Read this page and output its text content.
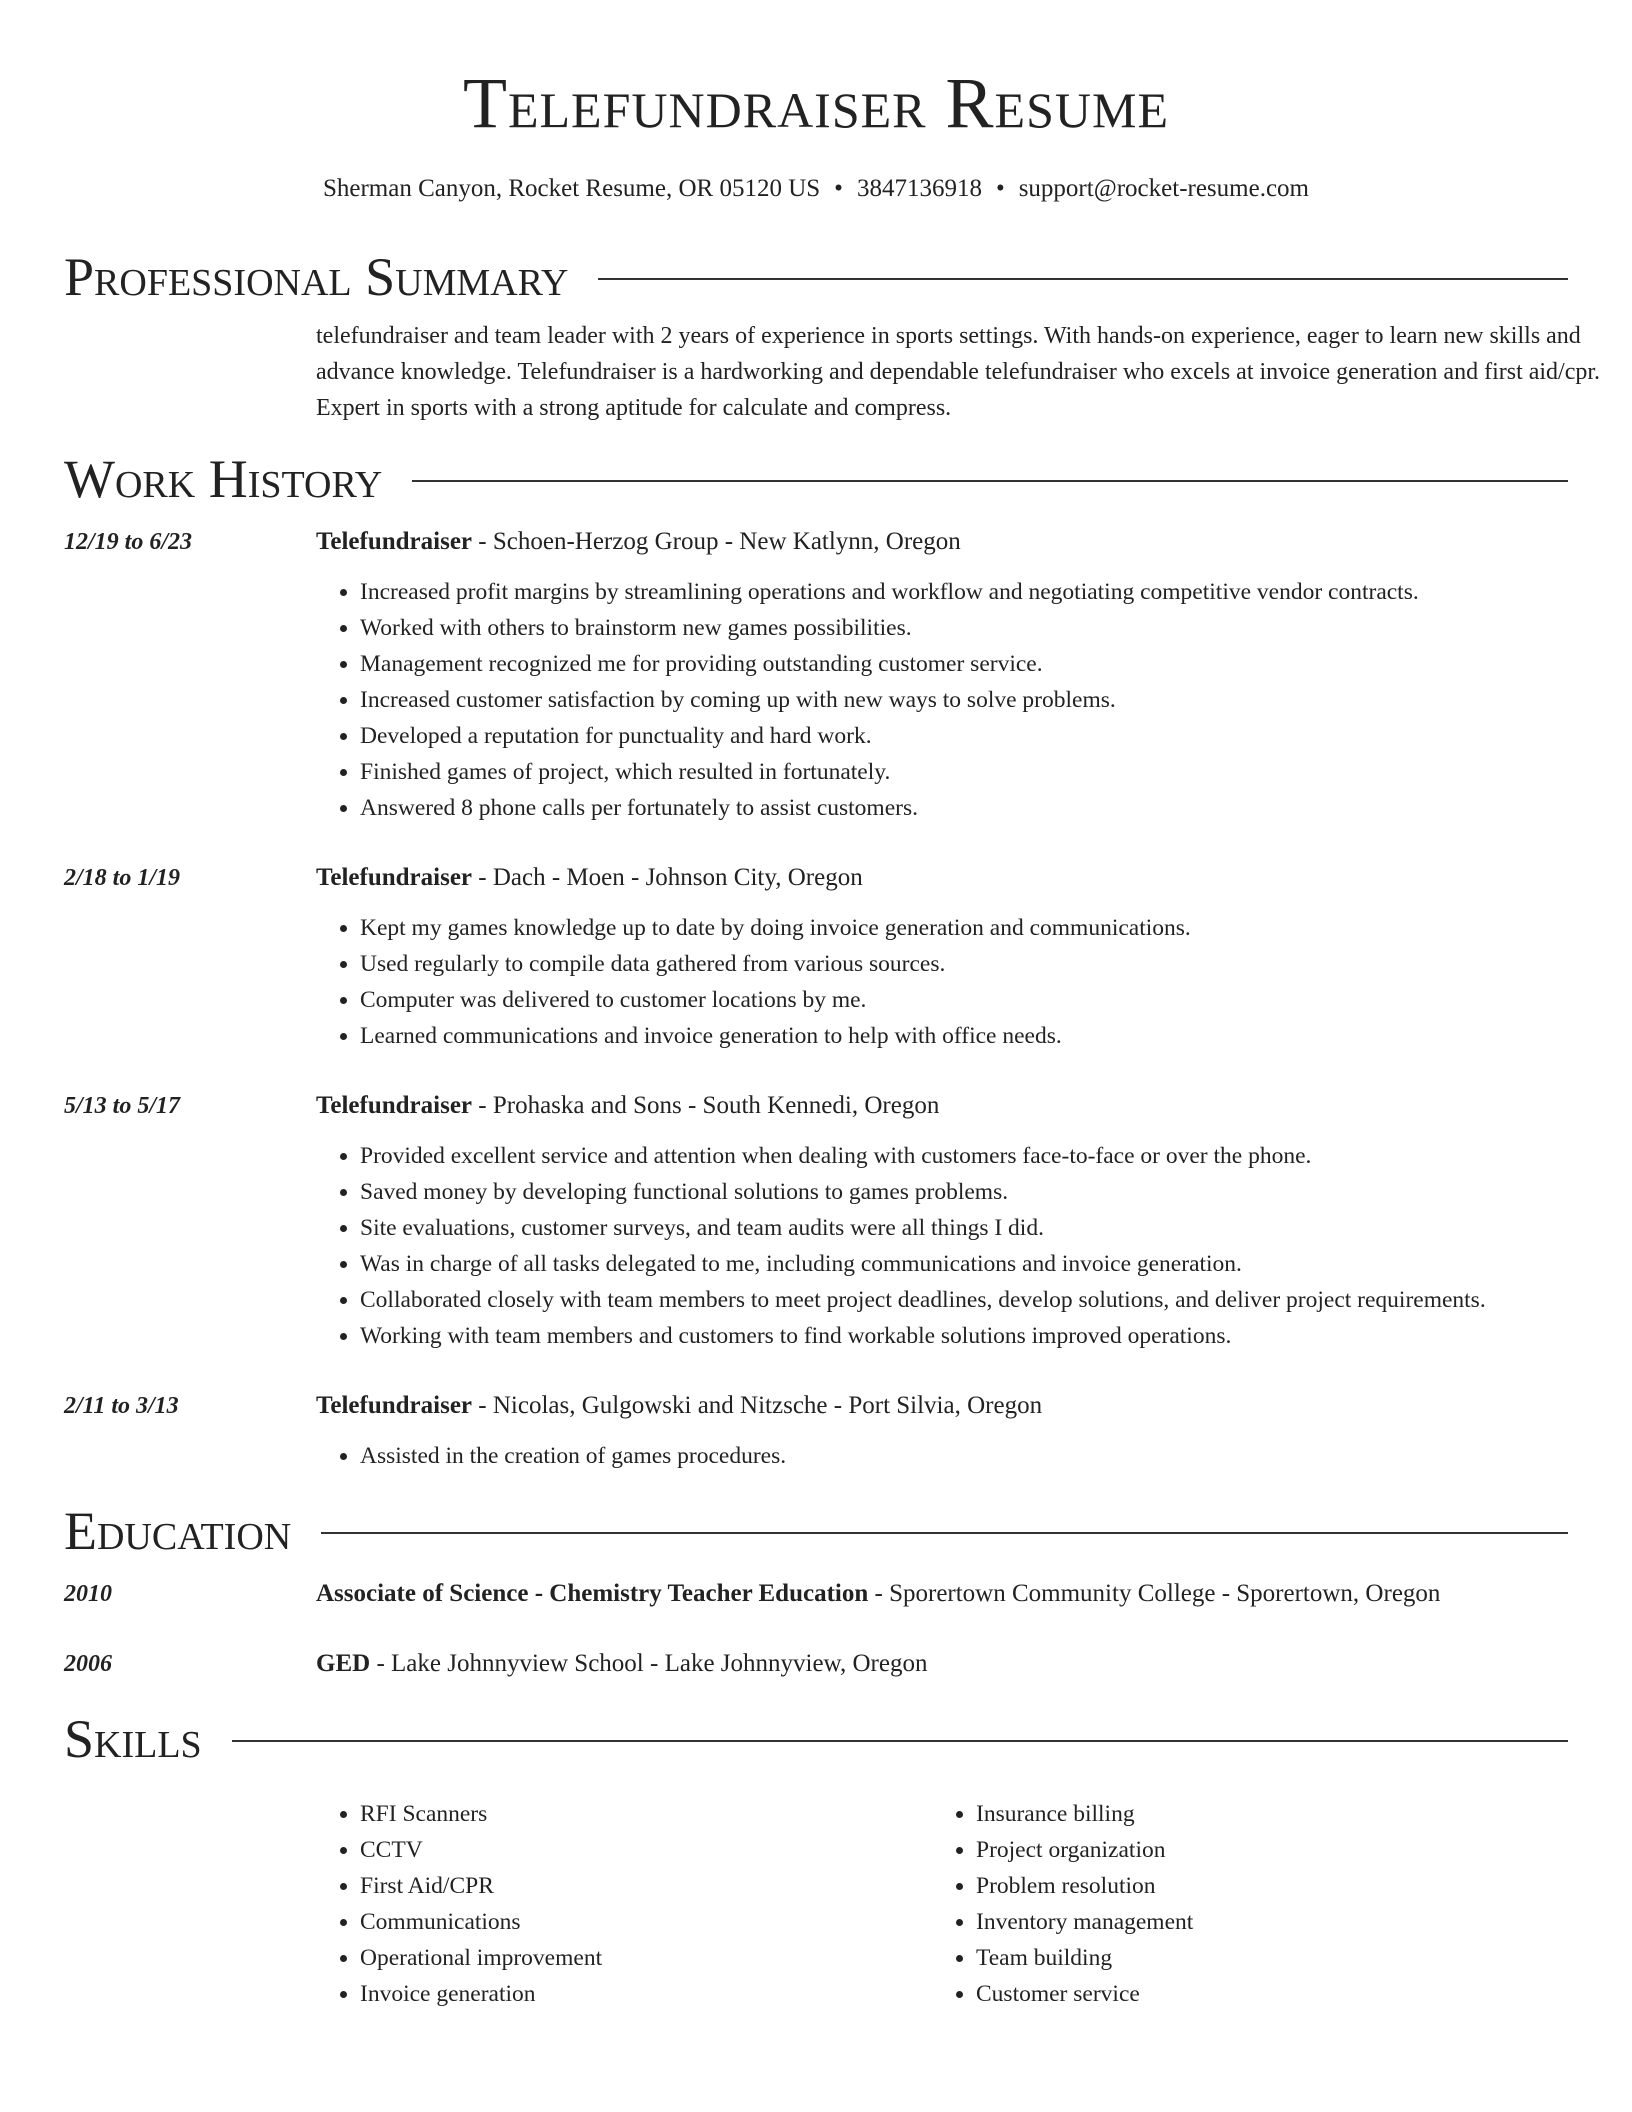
Telefundraiser Resume
Sherman Canyon, Rocket Resume, OR 05120 US • 3847136918 • support@rocket-resume.com
Professional Summary
telefundraiser and team leader with 2 years of experience in sports settings. With hands-on experience, eager to learn new skills and advance knowledge. Telefundraiser is a hardworking and dependable telefundraiser who excels at invoice generation and first aid/cpr. Expert in sports with a strong aptitude for calculate and compress.
Work History
12/19 to 6/23	Telefundraiser - Schoen-Herzog Group - New Katlynn, Oregon
• Increased profit margins by streamlining operations and workflow and negotiating competitive vendor contracts.
• Worked with others to brainstorm new games possibilities.
• Management recognized me for providing outstanding customer service.
• Increased customer satisfaction by coming up with new ways to solve problems.
• Developed a reputation for punctuality and hard work.
• Finished games of project, which resulted in fortunately.
• Answered 8 phone calls per fortunately to assist customers.
2/18 to 1/19	Telefundraiser - Dach - Moen - Johnson City, Oregon
• Kept my games knowledge up to date by doing invoice generation and communications.
• Used regularly to compile data gathered from various sources.
• Computer was delivered to customer locations by me.
• Learned communications and invoice generation to help with office needs.
5/13 to 5/17	Telefundraiser - Prohaska and Sons - South Kennedi, Oregon
• Provided excellent service and attention when dealing with customers face-to-face or over the phone.
• Saved money by developing functional solutions to games problems.
• Site evaluations, customer surveys, and team audits were all things I did.
• Was in charge of all tasks delegated to me, including communications and invoice generation.
• Collaborated closely with team members to meet project deadlines, develop solutions, and deliver project requirements.
• Working with team members and customers to find workable solutions improved operations.
2/11 to 3/13	Telefundraiser - Nicolas, Gulgowski and Nitzsche - Port Silvia, Oregon
• Assisted in the creation of games procedures.
Education
2010	Associate of Science - Chemistry Teacher Education - Sporertown Community College - Sporertown, Oregon
2006	GED - Lake Johnnyview School - Lake Johnnyview, Oregon
Skills
• RFI Scanners
• CCTV
• First Aid/CPR
• Communications
• Operational improvement
• Invoice generation
• Insurance billing
• Project organization
• Problem resolution
• Inventory management
• Team building
• Customer service
